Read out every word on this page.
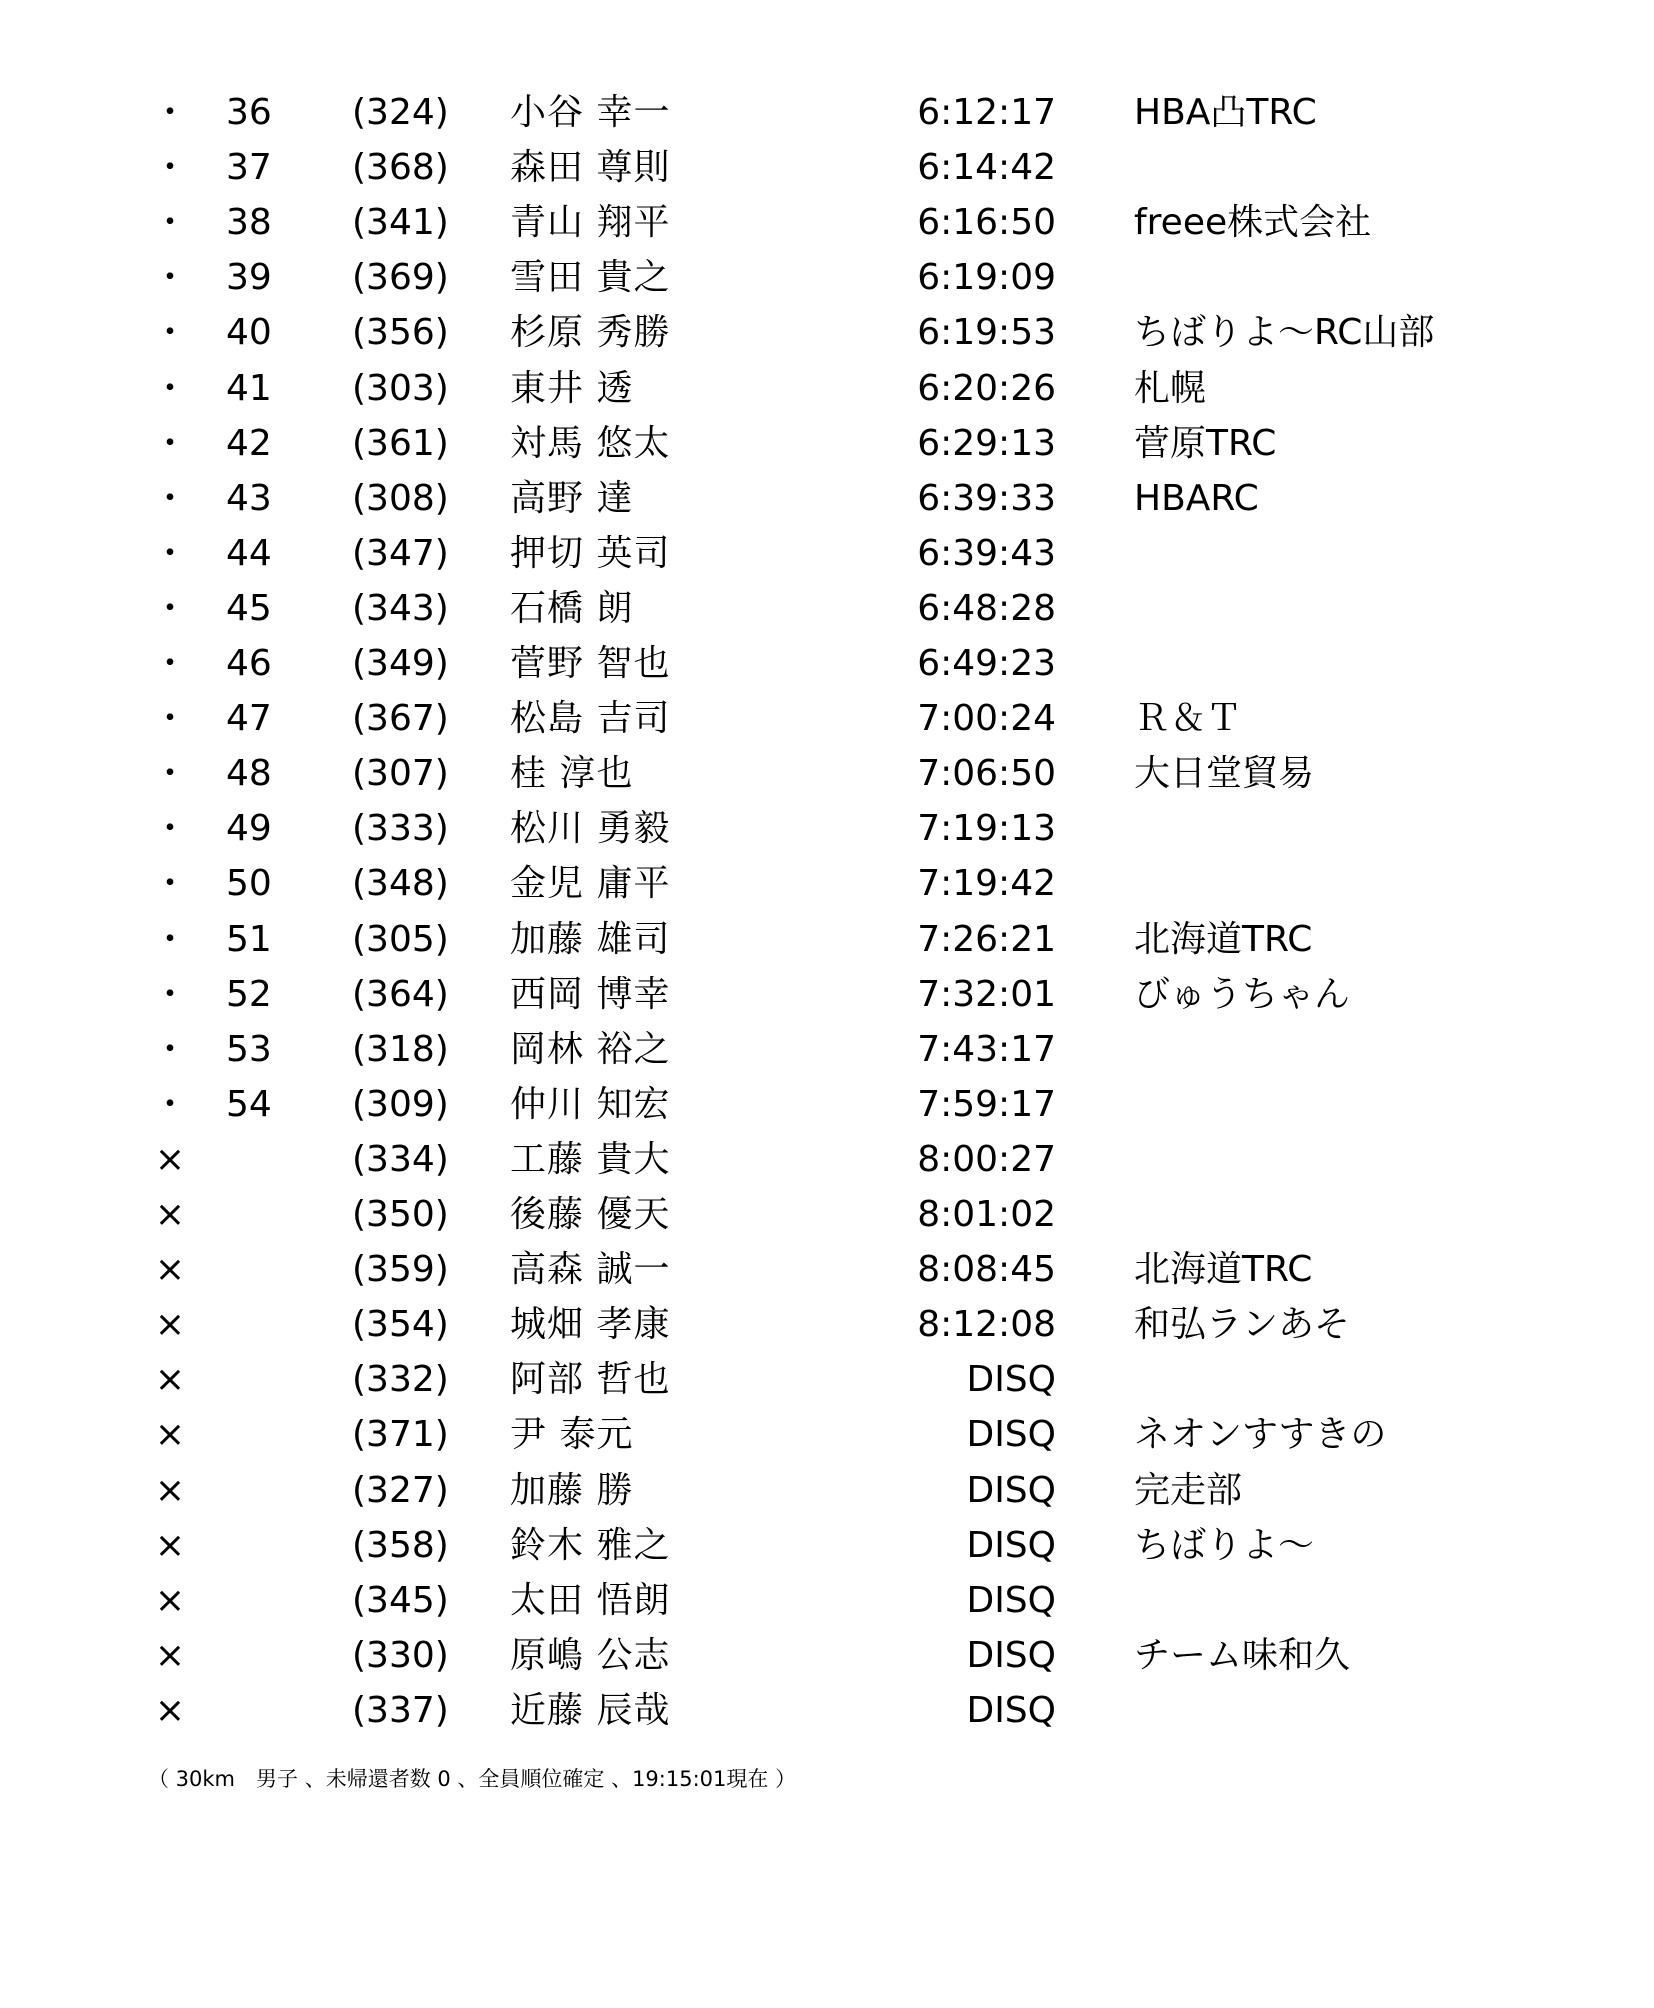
・ 36	(324)	小谷 幸一	6:12:17 HBA凸TRC
・ 37	(368)	森田 尊則	6:14:42
・ 38	(341)	青山 翔平	6:16:50 freee株式会社
・ 39	(369)	雪田 貴之	6:19:09
・ 40	(356)	杉原 秀勝	6:19:53 ちばりよ～RC山部
・ 41	(303)	東井 透	6:20:26 札幌
・ 42	(361)	対馬 悠太	6:29:13 菅原TRC
・ 43	(308)	高野 達	6:39:33 HBARC
・ 44	(347)	押切 英司	6:39:43
・ 45	(343)	石橋 朗	6:48:28
・ 46	(349)	菅野 智也	6:49:23
・ 47	(367)	松島 吉司	7:00:24 Ｒ＆Ｔ
・ 48	(307)	桂 淳也	7:06:50 大日堂貿易
・ 49	(333)	松川 勇毅	7:19:13
・ 50	(348)	金児 庸平	7:19:42
・ 51	(305)	加藤 雄司	7:26:21 北海道TRC
・ 52	(364)	西岡 博幸	7:32:01 びゅうちゃん
・ 53	(318)	岡林 裕之	7:43:17
・ 54	(309)	仲川 知宏	7:59:17
×	(334)	工藤 貴大	8:00:27
×	(350)	後藤 優天	8:01:02
×	(359)	高森 誠一	8:08:45 北海道TRC
×	(354)	城畑 孝康	8:12:08 和弘ランあそ
×	(332)	阿部 哲也	DISQ
×	(371)	尹 泰元	DISQ ネオンすすきの
×	(327)	加藤 勝	DISQ 完走部
×	(358)	鈴木 雅之	DISQ ちばりよ～
×	(345)	太田 悟朗	DISQ
×	(330)	原嶋 公志	DISQ チーム味和久
×	(337)	近藤 辰哉	DISQ
（ 30km　男子 、未帰還者数 0 、全員順位確定 、19:15:01現在 ）
